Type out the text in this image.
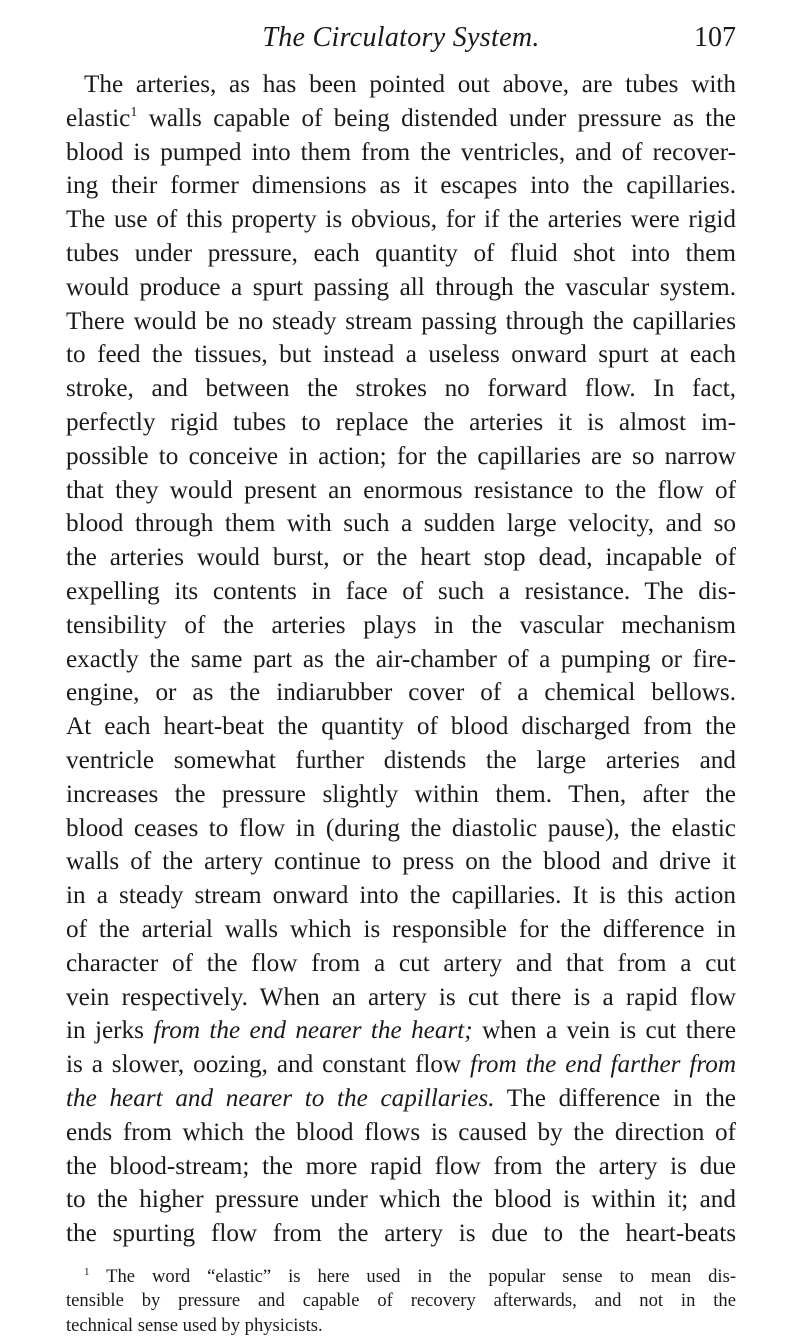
The Circulatory System.	107
The arteries, as has been pointed out above, are tubes with
elastic$^1$ walls capable of being distended under pressure as the
blood is pumped into them from the ventricles, and of recover-
ing their former dimensions as it escapes into the capillaries.
The use of this property is obvious, for if the arteries were rigid
tubes under pressure, each quantity of fluid shot into them
would produce a spurt passing all through the vascular system.
There would be no steady stream passing through the capillaries
to feed the tissues, but instead a useless onward spurt at each
stroke, and between the strokes no forward flow. In fact,
perfectly rigid tubes to replace the arteries it is almost im-
possible to conceive in action; for the capillaries are so narrow
that they would present an enormous resistance to the flow of
blood through them with such a sudden large velocity, and so
the arteries would burst, or the heart stop dead, incapable of
expelling its contents in face of such a resistance. The dis-
tensibility of the arteries plays in the vascular mechanism
exactly the same part as the air-chamber of a pumping or fire-
engine, or as the indiarubber cover of a chemical bellows.
At each heart-beat the quantity of blood discharged from the
ventricle somewhat further distends the large arteries and
increases the pressure slightly within them. Then, after the
blood ceases to flow in (during the diastolic pause), the elastic
walls of the artery continue to press on the blood and drive it
in a steady stream onward into the capillaries. It is this action
of the arterial walls which is responsible for the difference in
character of the flow from a cut artery and that from a cut
vein respectively. When an artery is cut there is a rapid flow
in jerks from the end nearer the heart; when a vein is cut there
is a slower, oozing, and constant flow from the end farther from
the heart and nearer to the capillaries. The difference in the
ends from which the blood flows is caused by the direction of
the blood-stream; the more rapid flow from the artery is due
to the higher pressure under which the blood is within it; and
the spurting flow from the artery is due to the heart-beats
$^1$ The word “elastic” is here used in the popular sense to mean dis-
tensible by pressure and capable of recovery afterwards, and not in the
technical sense used by physicists.
